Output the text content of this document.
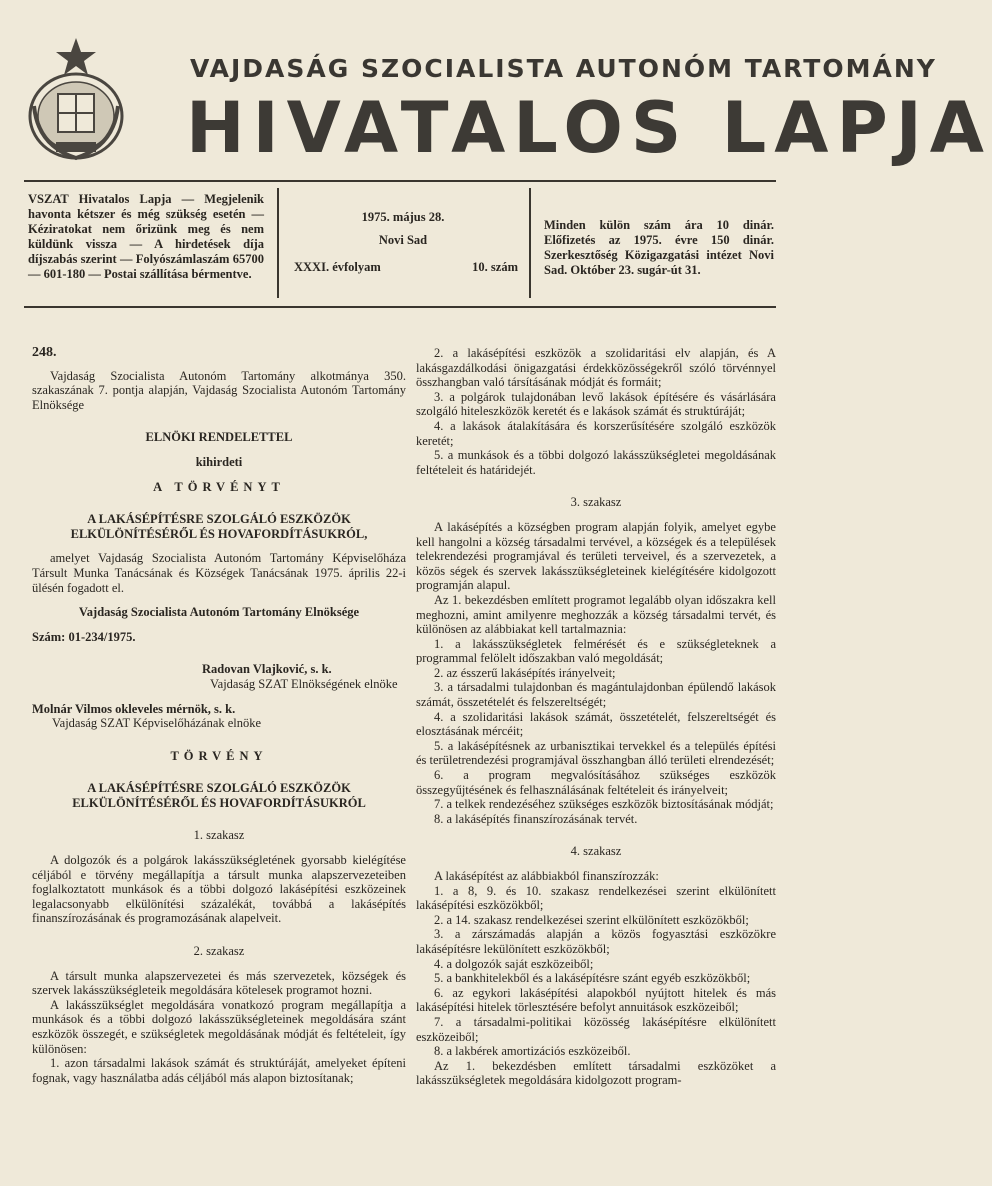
VAJDASÁG SZOCIALISTA AUTONÓM TARTOMÁNY
HIVATALOS LAPJA
VSZAT Hivatalos Lapja — Megjelenik havonta kétszer és még szükség esetén — Kéziratokat nem őrizünk meg és nem küldünk vissza — A hirdetések díja díjszabás szerint — Folyószámlaszám 65700 — 601-180 — Postai szállítása bérmentve.
1975. május 28.
Novi Sad
XXXI. évfolyam	10. szám
Minden külön szám ára 10 dinár. Előfizetés az 1975. évre 150 dinár. Szerkesztőség Közigazgatási intézet Novi Sad. Október 23. sugár-út 31.

248.

Vajdaság Szocialista Autonóm Tartomány alkotmánya 350. szakaszának 7. pontja alapján, Vajdaság Szocialista Autonóm Tartomány Elnöksége

ELNÖKI RENDELETTEL

kihirdeti

A TÖRVÉNYT

A LAKÁSÉPÍTÉSRE SZOLGÁLÓ ESZKÖZÖK ELKÜLÖNÍTÉSÉRŐL ÉS HOVAFORDÍTÁSUKRÓL,

amelyet Vajdaság Szocialista Autonóm Tartomány Képviselőháza Társult Munka Tanácsának és Községek Tanácsának 1975. április 22-i ülésén fogadott el.

Vajdaság Szocialista Autonóm Tartomány Elnöksége

Szám: 01-234/1975.

Radovan Vlajković, s. k.

Vajdaság SZAT Elnökségének elnöke

Molnár Vilmos okleveles mérnök, s. k.

Vajdaság SZAT Képviselőházának elnöke

TÖRVÉNY

A LAKÁSÉPÍTÉSRE SZOLGÁLÓ ESZKÖZÖK ELKÜLÖNÍTÉSÉRŐL ÉS HOVAFORDÍTÁSUKRÓL

1. szakasz

A dolgozók és a polgárok lakásszükségletének gyorsabb kielégítése céljából e törvény megállapítja a társult munka alapszervezeteiben foglalkoztatott munkások és a többi dolgozó lakásépítési eszközeinek legalacsonyabb elkülönítési százalékát, továbbá a lakásépítés finanszírozásának és programozásának alapelveit.

2. szakasz

A társult munka alapszervezetei és más szervezetek, községek és szervek lakásszükségleteik megoldására kötelesek programot hozni.

A lakásszükséglet megoldására vonatkozó program megállapítja a munkások és a többi dolgozó lakásszükségleteinek megoldására szánt eszközök összegét, e szükségletek megoldásának módját és feltételeit, így különösen:

1. azon társadalmi lakások számát és struktúráját, amelyeket építeni fognak, vagy használatba adás céljából más alapon biztosítanak;

2. a lakásépítési eszközök a szolidaritási elv alapján, és A lakásgazdálkodási önigazgatási érdekközösségekről szóló törvénnyel összhangban való társításának módját és formáit;

3. a polgárok tulajdonában levő lakások építésére és vásárlására szolgáló hiteleszközök keretét és e lakások számát és struktúráját;

4. a lakások átalakítására és korszerűsítésére szolgáló eszközök keretét;

5. a munkások és a többi dolgozó lakásszükségletei megoldásának feltételeit és határidejét.

3. szakasz

A lakásépítés a községben program alapján folyik, amelyet egybe kell hangolni a község társadalmi tervével, a községek és a települések telekrendezési programjával és területi terveivel, és a szervezetek, a közös ségek és szervek lakásszükségleteinek kielégítésére kidolgozott programján alapul.

Az 1. bekezdésben említett programot legalább olyan időszakra kell meghozni, amint amilyenre meghozzák a község társadalmi tervét, és különösen az alábbiakat kell tartalmaznia:

1. a lakásszükségletek felmérését és e szükségleteknek a programmal felölelt időszakban való megoldását;

2. az ésszerű lakásépítés irányelveit;

3. a társadalmi tulajdonban és magántulajdonban épülendő lakások számát, összetételét és felszereltségét;

4. a szolidaritási lakások számát, összetételét, felszereltségét és elosztásának mércéit;

5. a lakásépítésnek az urbanisztikai tervekkel és a település építési és területrendezési programjával összhangban álló területi elrendezését;

6. a program megvalósításához szükséges eszközök összegyűjtésének és felhasználásának feltételeit és irányelveit;

7. a telkek rendezéséhez szükséges eszközök biztosításának módját;

8. a lakásépítés finanszírozásának tervét.

4. szakasz

A lakásépítést az alábbiakból finanszírozzák:

1. a 8, 9. és 10. szakasz rendelkezései szerint elkülönített lakásépítési eszközökből;

2. a 14. szakasz rendelkezései szerint elkülönített eszközökből;

3. a zárszámadás alapján a közös fogyasztási eszközökre lakásépítésre lekülönített eszközökből;

4. a dolgozók saját eszközeiből;

5. a bankhitelekből és a lakásépítésre szánt egyéb eszközökből;

6. az egykori lakásépítési alapokból nyújtott hitelek és más lakásépítési hitelek törlesztésére befolyt annuitások eszközeiből;

7. a társadalmi-politikai közösség lakásépítésre elkülönített eszközeiből;

8. a lakbérek amortizációs eszközeiből.

Az 1. bekezdésben említett társadalmi eszközöket a lakásszükségletek megoldására kidolgozott program-
